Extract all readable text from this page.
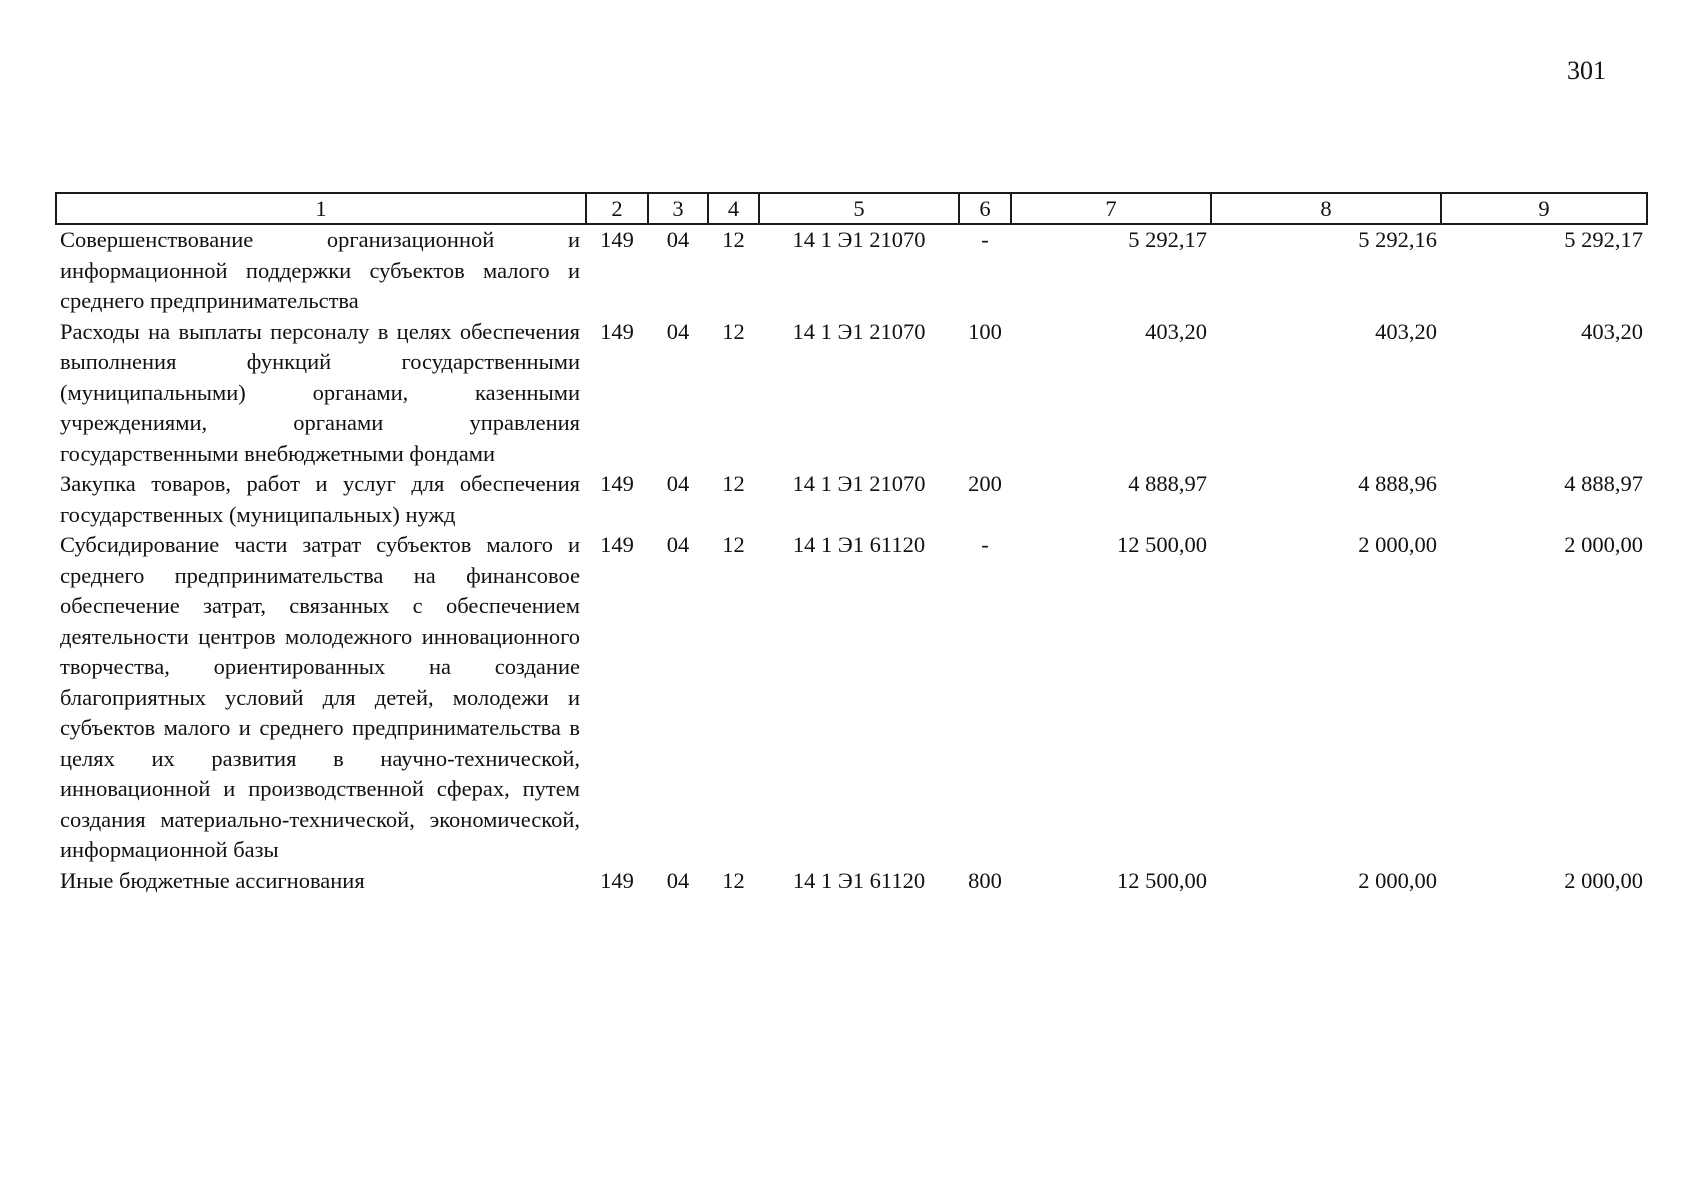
301
1	2	3	4	5	6	7	8	9
Совершенствование организационной и информационной поддержки субъектов малого и среднего предпринимательства	149	04	12	14 1 Э1 21070	-	5 292,17	5 292,16	5 292,17
Расходы на выплаты персоналу в целях обеспечения выполнения функций государственными (муниципальными) органами, казенными учреждениями, органами управления государственными внебюджетными фондами	149	04	12	14 1 Э1 21070	100	403,20	403,20	403,20
Закупка товаров, работ и услуг для обеспечения государственных (муниципальных) нужд	149	04	12	14 1 Э1 21070	200	4 888,97	4 888,96	4 888,97
Субсидирование части затрат субъектов малого и среднего предпринимательства на финансовое обеспечение затрат, связанных с обеспечением деятельности центров молодежного инновационного творчества, ориентированных на создание благоприятных условий для детей, молодежи и субъектов малого и среднего предпринимательства в целях их развития в научно-технической, инновационной и производственной сферах, путем создания материально-технической, экономической, информационной базы	149	04	12	14 1 Э1 61120	-	12 500,00	2 000,00	2 000,00
Иные бюджетные ассигнования	149	04	12	14 1 Э1 61120	800	12 500,00	2 000,00	2 000,00
